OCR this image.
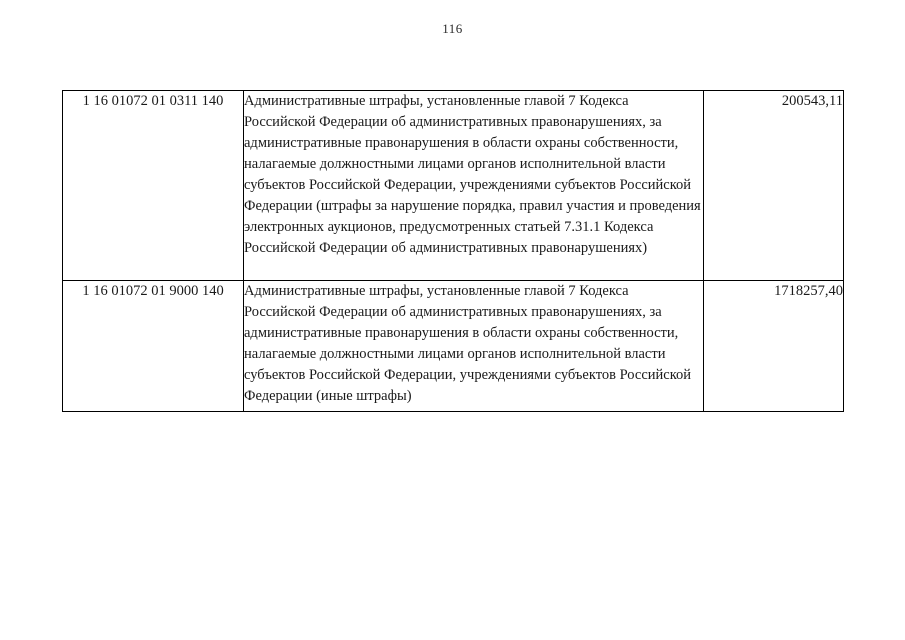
116
1 16 01072 01 0311 140	Административные штрафы, установленные главой 7 Кодекса Российской Федерации об административных правонарушениях, за административные правонарушения в области охраны собственности, налагаемые должностными лицами органов исполнительной власти субъектов Российской Федерации, учреждениями субъектов Российской Федерации (штрафы за нарушение порядка, правил участия и проведения электронных аукционов, предусмотренных статьей 7.31.1 Кодекса Российской Федерации об административных правонарушениях)	200543,11
1 16 01072 01 9000 140	Административные штрафы, установленные главой 7 Кодекса Российской Федерации об административных правонарушениях, за административные правонарушения в области охраны собственности, налагаемые должностными лицами органов исполнительной власти субъектов Российской Федерации, учреждениями субъектов Российской Федерации (иные штрафы)	1718257,40
